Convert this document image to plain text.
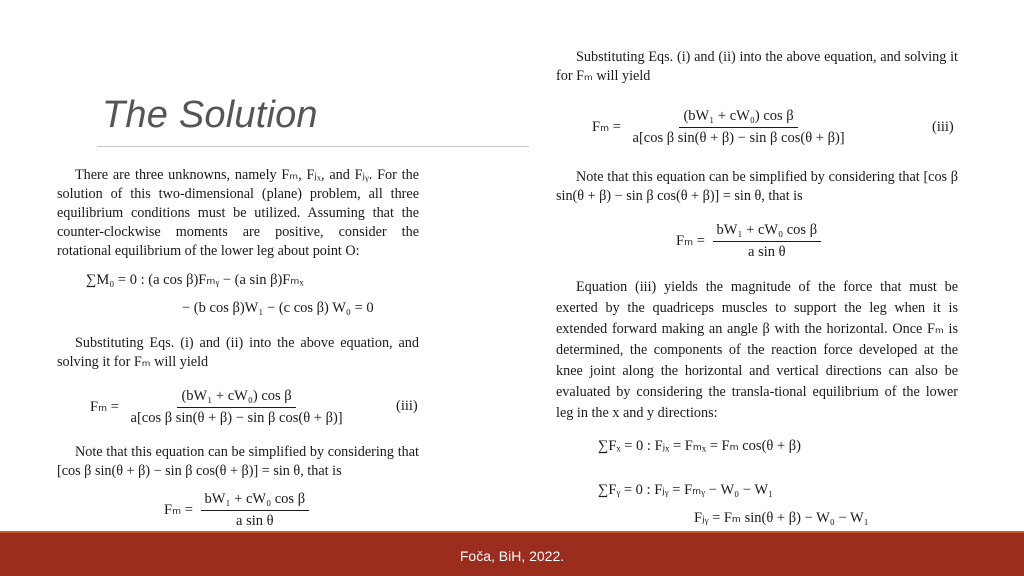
The Solution
There are three unknowns, namely Fₘ, Fⱼₓ, and Fⱼᵧ. For the solution of this two-dimensional (plane) problem, all three equilibrium conditions must be utilized. Assuming that the counter-clockwise moments are positive, consider the rotational equilibrium of the lower leg about point O:
∑M₀ = 0 : (a cos β)Fₘᵧ − (a sin β)Fₘₓ
− (b cos β)W₁ − (c cos β) W₀ = 0
Substituting Eqs. (i) and (ii) into the above equation, and solving it for Fₘ will yield
$F_m = \frac{\text{(bW₁ + cW₀) cos β}}{\text{a[cos β sin(θ + β) − sin β cos(θ + β)]}}$	(iii)
Note that this equation can be simplified by considering that [cos β sin(θ + β) − sin β cos(θ + β)] = sin θ, that is
$F_m = \frac{\text{bW₁ + cW₀ cos β}}{\text{a sin θ}}$
Substituting Eqs. (i) and (ii) into the above equation, and solving it for Fₘ will yield
$F_m = \frac{\text{(bW₁ + cW₀) cos β}}{\text{a[cos β sin(θ + β) − sin β cos(θ + β)]}}$	(iii)
Note that this equation can be simplified by considering that [cos β sin(θ + β) − sin β cos(θ + β)] = sin θ, that is
$F_m = \frac{\text{bW₁ + cW₀ cos β}}{\text{a sin θ}}$
Equation (iii) yields the magnitude of the force that must be exerted by the quadriceps muscles to support the leg when it is extended forward making an angle β with the horizontal. Once Fₘ is determined, the components of the reaction force developed at the knee joint along the horizontal and vertical directions can also be evaluated by considering the transla-tional equilibrium of the lower leg in the x and y directions:
∑Fₓ = 0 : Fⱼₓ = Fₘₓ = Fₘ cos(θ + β)
∑Fᵧ = 0 : Fⱼᵧ = Fₘᵧ − W₀ − W₁
Fⱼᵧ = Fₘ sin(θ + β) − W₀ − W₁
Foča, BiH, 2022.
